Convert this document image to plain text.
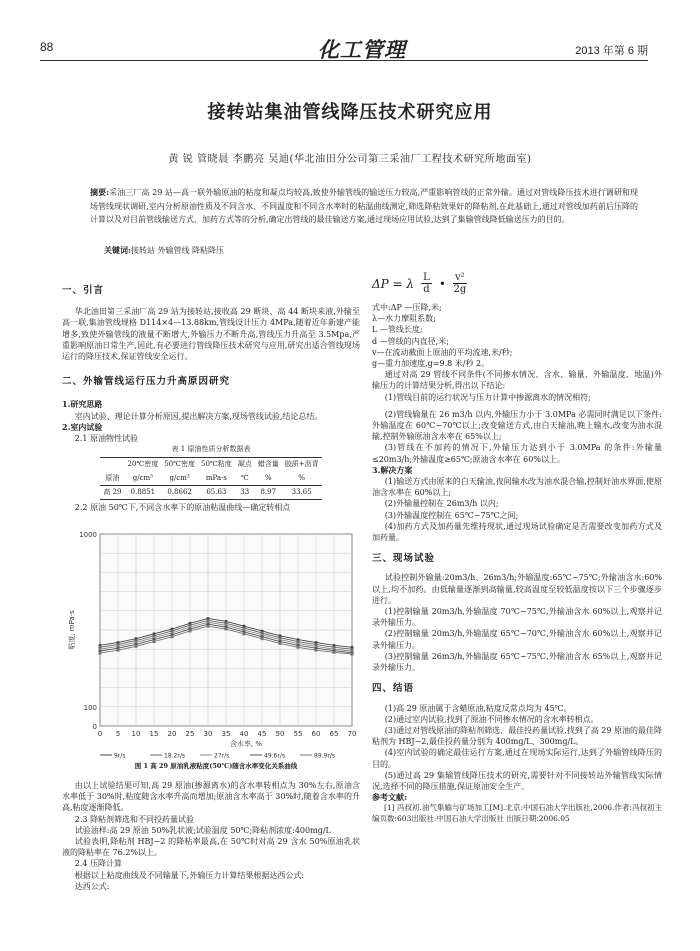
88	化工管理	2013 年第 6 期
接转站集油管线降压技术研究应用
黄 锐 管晓晨 李鹏亮 吴迪(华北油田分公司第三采油厂工程技术研究所地面室)
摘要:采油三厂高 29 站—高一联外输原油的粘度和凝点均较高,致使外输管线的输送压力较高,严重影响管线的正常外输。通过对管线降压技术进行调研和现场管线现状调研,室内分析原油性质及不同含水、不同温度和不同含水率时的粘温曲线测定,筛选降粘效果好的降粘剂,在此基础上,通过对管线加药前后压降的计算以及对目前管线输送方式、加药方式等的分析,确定出管线的最佳输送方案,通过现场应用试验,达到了集输管线降低输送压力的目的。
关键词:接转站 外输管线 降粘降压

一、引言

华北油田第三采油厂高 29 站为接转站,接收高 29 断块、高 44 断块来液,外输至高一联,集油管线规格 D114×4—13.88km,管线设计压力 4MPa,随着近年新建产能增多,致使外输管线的液量不断增大,外输压力不断升高,管线压力升高至 3.5Mpa,严重影响原油日常生产,因此,有必要进行管线降压技术研究与应用,研究出适合管线现场运行的降压技术,保证管线安全运行。

二、外输管线运行压力升高原因研究

1.研究思路

室内试验、理论计算分析原因,提出解决方案,现场管线试验,结论总结。

2.室内试验

2.1 原油物性试验

表 1 原油性质分析数据表

	20℃密度	50℃密度	50℃粘度	凝点	蜡含量	胶质+沥青
原油	g/cm³	g/cm³	mPa·s	℃	%	%
高 29	0.8851	0.8662	65.63	33	8.97	33.65

2.2 原油 50℃下,不同含水率下的原油粘温曲线—确定转相点

0 5 10 15 20 25 30 35 40 45 50 55 60 65 70
0
100
1000
粘度, mPa·s
含水率, %
9r/s	18.2r/s	27r/s	49.6r/s	89.9r/s
图 1 高 29 原油乳液粘度(50℃)随含水率变化关系曲线

由以上试验结果可知,高 29 原油(掺源离水)的含水率转相点为 30%左右,原油含水率低于 30%时,粘度随含水率升高而增加;原油含水率高于 30%时,随着含水率的升高,粘度逐渐降低。

2.3 降粘剂筛选和不同投药量试验

试验油样:高 29 原油 50%乳状液;试验温度 50℃;降粘剂浓度:400mg/L

试验表明,降粘剂 HBJ−2 的降粘率最高,在 50℃时对高 29 含水 50%原油乳状液的降粘率在 76.2%以上。

2.4 压降计算

根据以上粘度曲线及不同输量下,外输压力计算结果根据达西公式:

达西公式:

ΔP = λ $\frac{L}{d}$ • $\frac{\text{v²}}{2g}$

式中:ΔP —压降,米;

λ—水力摩阻系数;

L —管线长度;

d —管线的内直径,米;

v—在流动截面上原油的平均流速,米/秒;

g—重力加速度,g=9.8 米/秒 2。

通过对高 29 管线不同条件(不同掺水情况、含水、输量、外输温度、地温)外输压力的计算结果分析,得出以下结论:

(1)管线目前的运行状况与压力计算中掺源离水的情况相符;

(2)管线输量在 26 m3/h 以内,外输压力小于 3.0MPa 必需同时满足以下条件:外输温度在 60℃~70℃以上;改变输送方式,由白天输油,晚上输水,改变为油水混输,控制外输原油含水率在 65%以上;

(3)管线在不加药的情况下,外输压力达到小于 3.0MPa 的条件:外输量≤20m3/h;外输温度≥65℃;原油含水率在 60%以上。

3.解决方案

(1)输送方式由原来的白天输油,夜间输水改为油水混合输,控制好油水界面,使原油含水率在 60%以上;

(2)外输量控制在 26m3/h 以内;

(3)外输温度控制在 65℃~75℃之间;

(4)加药方式及加药量先维持现状,通过现场试验确定是否需要改变加药方式及加药量。

三、现场试验

试验控制外输量:20m3/h、26m3/h;外输温度:65℃~75℃;外输油含水:60%以上,均不加药。由低输量逐渐到高输量,较高温度至较低温度按以下三个步骤逐步进行。

(1)控制输量 20m3/h,外输温度 70℃~75℃,外输油含水 60%以上,观察并记录外输压力。

(2)控制输量 20m3/h,外输温度 65℃~70℃,外输油含水 60%以上,观察并记录外输压力。

(3)控制输量 26m3/h,外输温度 65℃~75℃,外输油含水 65%以上,观察并记录外输压力。

四、结语

(1)高 29 原油属于含蜡原油,粘度反常点均为 45℃。

(2)通过室内试验,找到了原油不同掺水情况的含水率转相点。

(3)通过对管线原油的降粘剂筛选、最佳投药量试验,找到了高 29 原油的最佳降粘剂为 HBJ−2,最佳投药量分别为 400mg/L、300mg/L。

(4)室内试验的确定最佳运行方案,通过在现场实际运行,达到了外输管线降压的目的。

(5)通过高 29 集输管线降压技术的研究,需要针对不同接转站外输管线实际情况,选择不同的降压措施,保证原油安全生产。

参考文献:

[1] 冯叔初.油气集输与矿场加工[M].北京:中国石油大学出版社,2006.作者:冯叔初主编页数:603出版社:中国石油大学出版社 出版日期:2006.05
